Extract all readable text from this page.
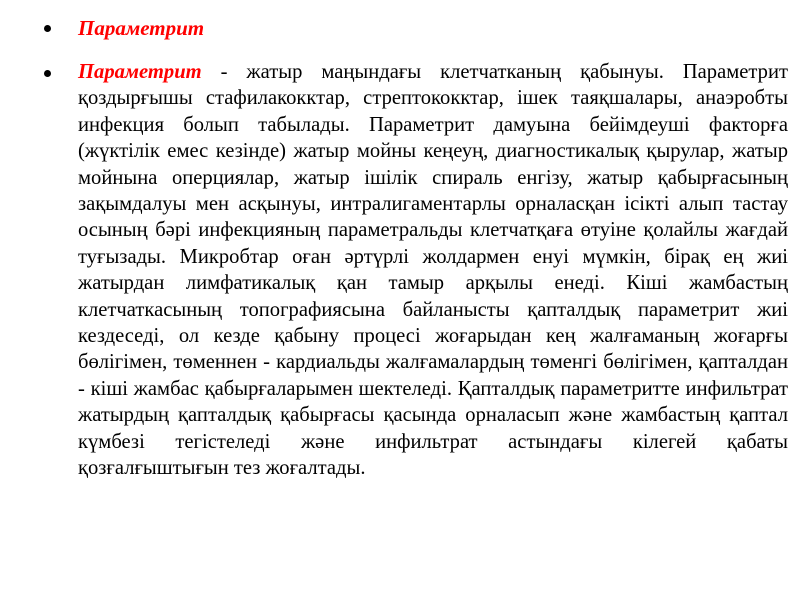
Параметрит

Параметрит - жатыр маңындағы клетчатканың қабынуы. Параметрит қоздырғышы стафилакокктар, стрептококктар, ішек таяқшалары, анаэробты инфекция болып табылады. Параметрит дамуына бейімдеуші факторға (жүктілік емес кезінде) жатыр мойны кеңеуң, диагностикалық қырулар, жатыр мойнына оперциялар, жатыр ішілік спираль енгізу, жатыр қабырғасының зақымдалуы мен асқынуы, интралигаментарлы орналасқан ісікті алып тастау осының бәрі инфекцияның параметральды клетчатқаға өтуіне қолайлы жағдай туғызады. Микробтар оған әртүрлі жолдармен енуі мүмкін, бірақ ең жиі жатырдан лимфатикалық қан тамыр арқылы енеді. Кіші жамбастың клетчаткасының топографиясына байланысты қапталдық параметрит жиі кездеседі, ол кезде қабыну процесі жоғарыдан кең жалғаманың жоғарғы бөлігімен, төменнен - кардиальды жалғамалардың төменгі бөлігімен, қапталдан - кіші жамбас қабырғаларымен шектеледі. Қапталдық параметритте инфильтрат жатырдың қапталдық қабырғасы қасында орналасып және жамбастың қаптал күмбезі тегістеледі және инфильтрат астындағы кілегей қабаты қозғалғыштығын тез жоғалтады.
